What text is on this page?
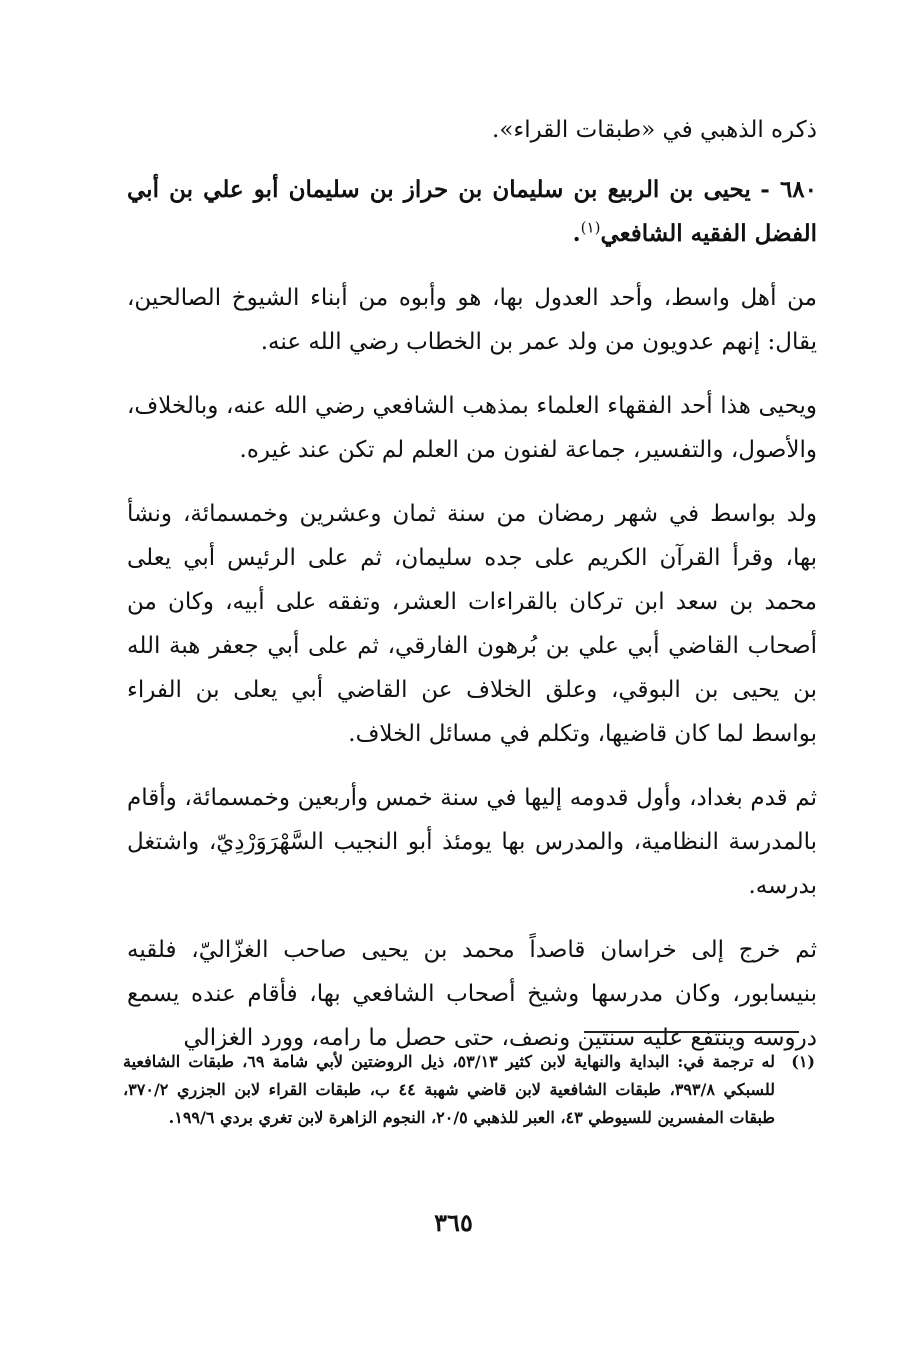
ذكره الذهبي في «طبقات القراء».

٦٨٠ - يحيى بن الربيع بن سليمان بن حراز بن سليمان أبو علي بن أبي الفضل الفقيه الشافعي$^{(١)}$.

من أهل واسط، وأحد العدول بها، هو وأبوه من أبناء الشيوخ الصالحين، يقال: إنهم عدويون من ولد عمر بن الخطاب رضي الله عنه.

ويحيى هذا أحد الفقهاء العلماء بمذهب الشافعي رضي الله عنه، وبالخلاف، والأصول، والتفسير، جماعة لفنون من العلم لم تكن عند غيره.

ولد بواسط في شهر رمضان من سنة ثمان وعشرين وخمسمائة، ونشأ بها، وقرأ القرآن الكريم على جده سليمان، ثم على الرئيس أبي يعلى محمد بن سعد ابن تركان بالقراءات العشر، وتفقه على أبيه، وكان من أصحاب القاضي أبي علي بن بُرهون الفارقي، ثم على أبي جعفر هبة الله بن يحيى بن البوقي، وعلق الخلاف عن القاضي أبي يعلى بن الفراء بواسط لما كان قاضيها، وتكلم في مسائل الخلاف.

ثم قدم بغداد، وأول قدومه إليها في سنة خمس وأربعين وخمسمائة، وأقام بالمدرسة النظامية، والمدرس بها يومئذ أبو النجيب السَّهْرَوَرْدِيّ، واشتغل بدرسه.

ثم خرج إلى خراسان قاصداً محمد بن يحيى صاحب الغزّاليّ، فلقيه بنيسابور، وكان مدرسها وشيخ أصحاب الشافعي بها، فأقام عنده يسمع دروسه وينتفع عليه سنتين ونصف، حتى حصل ما رامه، وورد الغزالي

(١)
له ترجمة في: البداية والنهاية لابن كثير ٥٣/١٣، ذيل الروضتين لأبي شامة ٦٩، طبقات الشافعية للسبكي ٣٩٣/٨، طبقات الشافعية لابن قاضي شهبة ٤٤ ب، طبقات القراء لابن الجزري ٣٧٠/٢، طبقات المفسرين للسيوطي ٤٣، العبر للذهبي ٢٠/٥، النجوم الزاهرة لابن تغري بردي ١٩٩/٦.
٣٦٥
